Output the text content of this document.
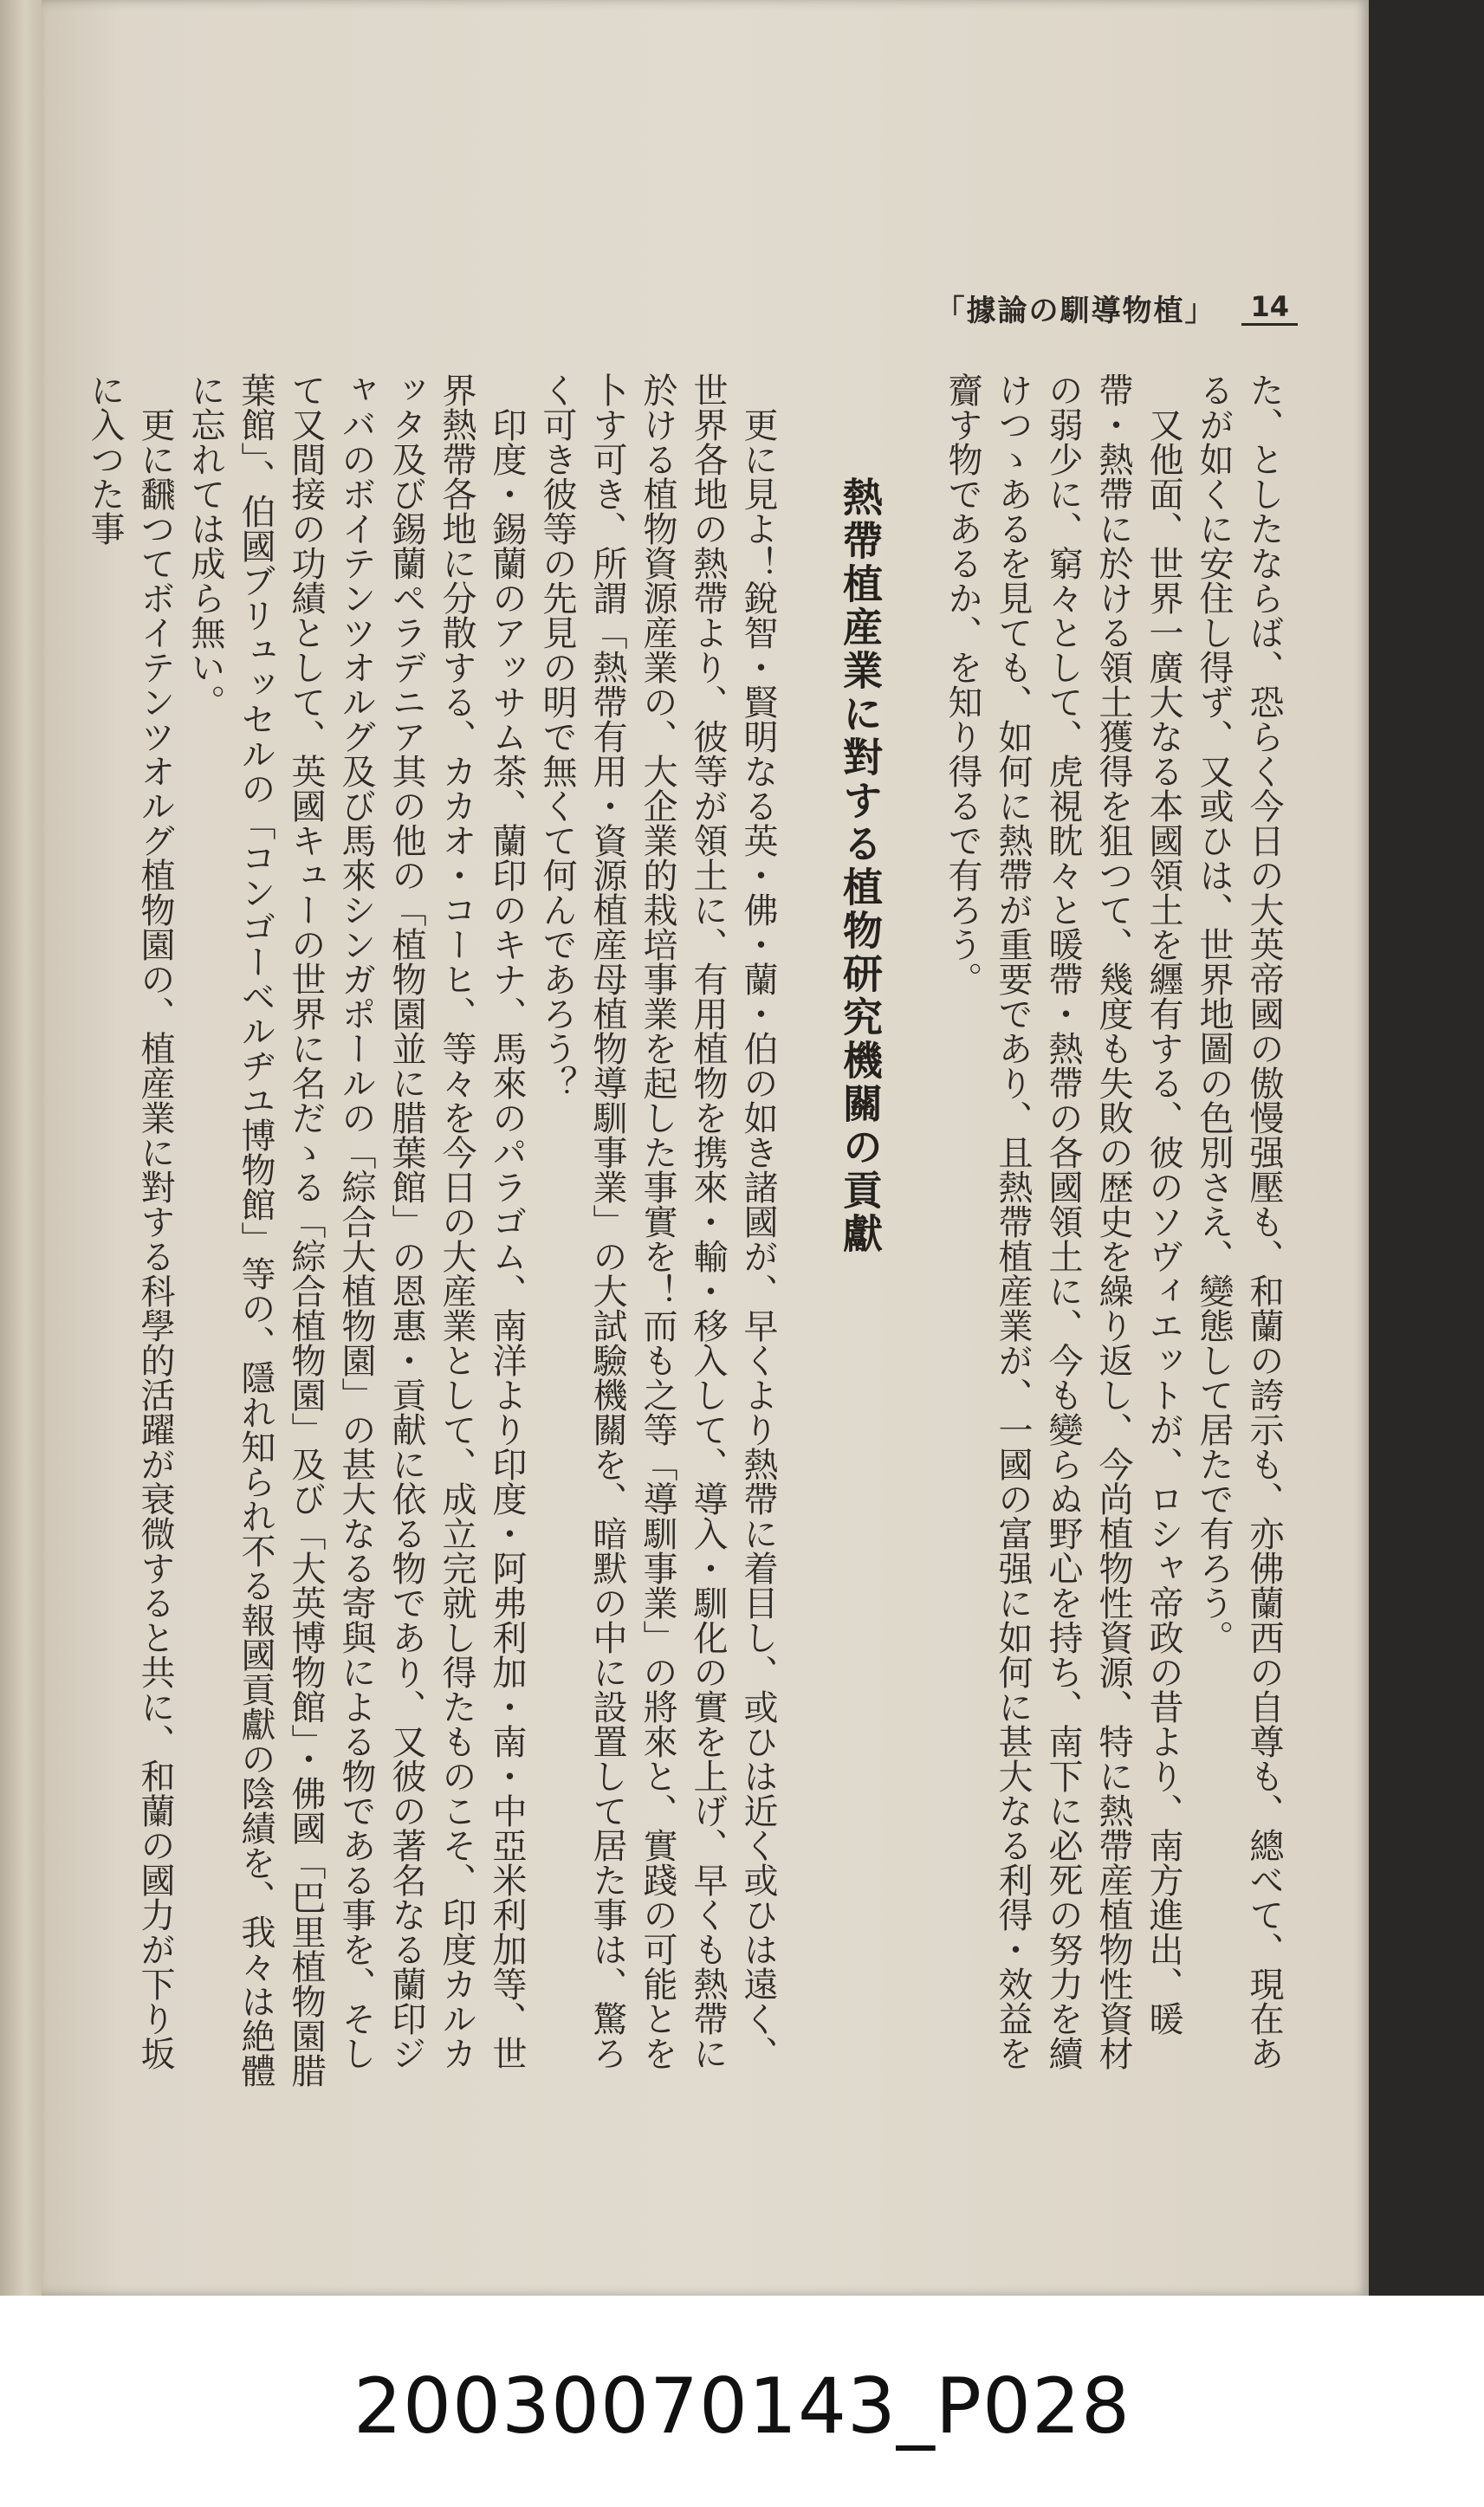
「據論の馴導物植」	14

た、としたならば、恐らく今日の大英帝國の傲慢强壓も、和蘭の誇示も、亦佛蘭西の自尊も、總べて、現在あるが如くに安住し得ず、又或ひは、世界地圖の色別さえ、變態して居たで有ろう。

又他面、世界一廣大なる本國領土を纒有する、彼のソヴィエットが、ロシャ帝政の昔より、南方進出、暖帶・熱帶に於ける領土獲得を狙つて、幾度も失敗の歴史を繰り返し、今尚植物性資源、特に熱帶産植物性資材の弱少に、窮々として、虎視眈々と暖帶・熱帶の各國領土に、今も變らぬ野心を持ち、南下に必死の努力を續けつゝあるを見ても、如何に熱帶が重要であり、且熱帶植産業が、一國の富强に如何に甚大なる利得・效益を齎す物であるか、を知り得るで有ろう。

熱帶植産業に對する植物研究機關の貢獻

更に見よ！銳智・賢明なる英・佛・蘭・伯の如き諸國が、早くより熱帶に着目し、或ひは近く或ひは遠く、世界各地の熱帶より、彼等が領土に、有用植物を携來・輸・移入して、導入・馴化の實を上げ、早くも熱帶に於ける植物資源産業の、大企業的栽培事業を起した事實を！而も之等「導馴事業」の將來と、實踐の可能とを卜す可き、所謂「熱帶有用・資源植産母植物導馴事業」の大試驗機關を、暗默の中に設置して居た事は、驚ろく可き彼等の先見の明で無くて何んであろう？

印度・錫蘭のアッサム茶、蘭印のキナ、馬來のパラゴム、南洋より印度・阿弗利加・南・中亞米利加等、世界熱帶各地に分散する、カカオ・コーヒ、等々を今日の大産業として、成立完就し得たものこそ、印度カルカッタ及び錫蘭ペラデニア其の他の「植物園並に腊葉館」の恩惠・貢献に依る物であり、又彼の著名なる蘭印ジャバのボイテンツオルグ及び馬來シンガポールの「綜合大植物園」の甚大なる寄與による物である事を、そして又間接の功績として、英國キューの世界に名だゝる「綜合植物園」及び「大英博物館」・佛國「巴里植物園腊葉館」、伯國ブリュッセルの「コンゴーベルヂユ博物館」等の、隱れ知られ不る報國貢獻の陰績を、我々は絶體に忘れては成ら無い。

更に飜つてボイテンツオルグ植物園の、植産業に對する科學的活躍が衰微すると共に、和蘭の國力が下り坂に入つた事

20030070143_P028
